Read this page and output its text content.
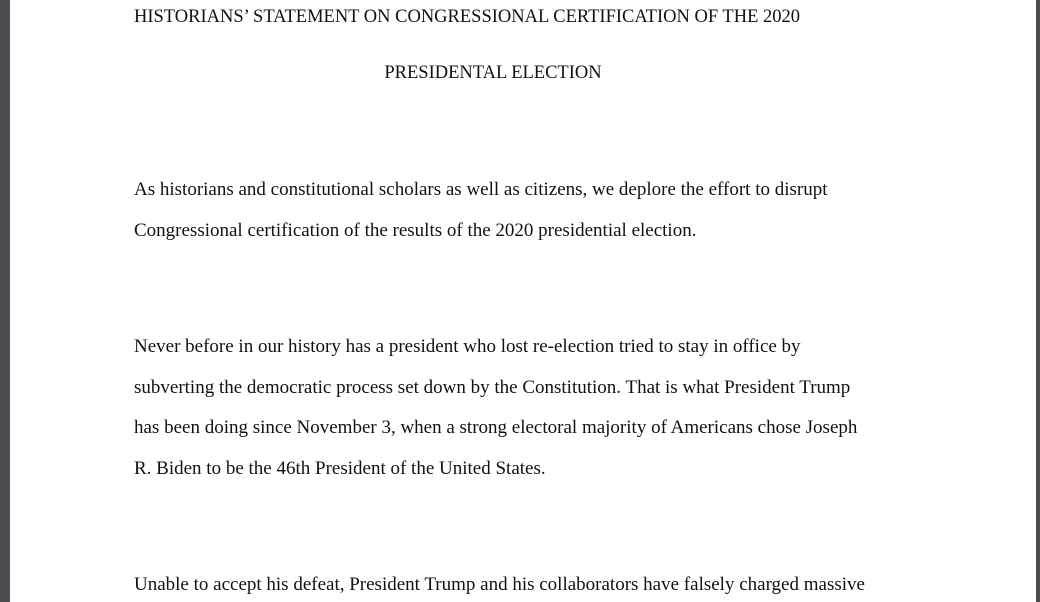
HISTORIANS’ STATEMENT ON CONGRESSIONAL CERTIFICATION OF THE 2020
PRESIDENTAL ELECTION

As historians and constitutional scholars as well as citizens, we deplore the effort to disrupt
Congressional certification of the results of the 2020 presidential election.

Never before in our history has a president who lost re-election tried to stay in office by
subverting the democratic process set down by the Constitution. That is what President Trump
has been doing since November 3, when a strong electoral majority of Americans chose Joseph
R. Biden to be the 46th President of the United States.

Unable to accept his defeat, President Trump and his collaborators have falsely charged massive
